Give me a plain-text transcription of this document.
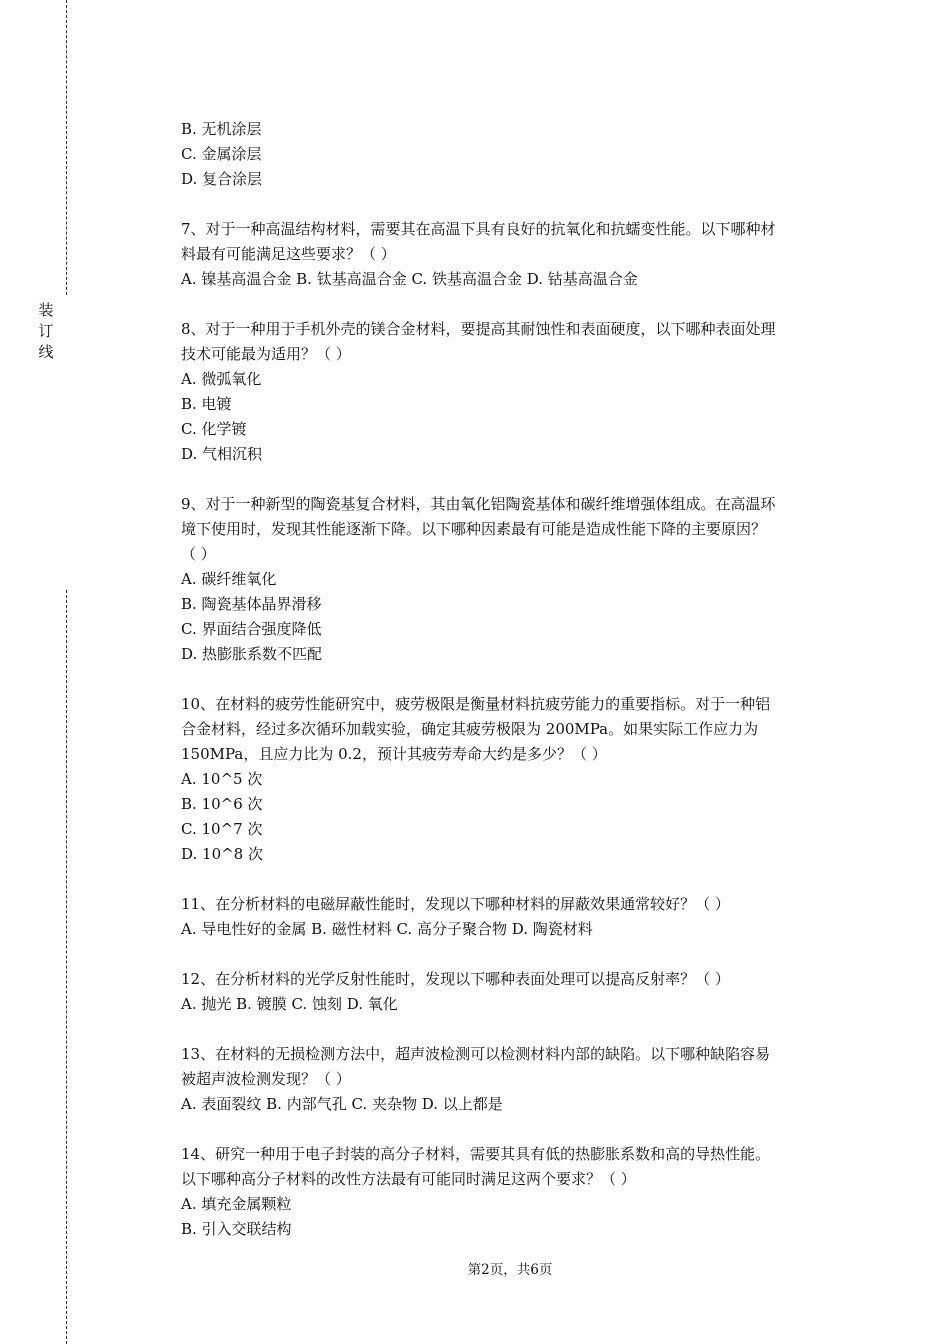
装订线
B. 无机涂层
C. 金属涂层
D. 复合涂层
7、对于一种高温结构材料，需要其在高温下具有良好的抗氧化和抗蠕变性能。以下哪种材
料最有可能满足这些要求？（ ）
A. 镍基高温合金 B. 钛基高温合金 C. 铁基高温合金 D. 钴基高温合金
8、对于一种用于手机外壳的镁合金材料，要提高其耐蚀性和表面硬度，以下哪种表面处理
技术可能最为适用？（ ）
A. 微弧氧化
B. 电镀
C. 化学镀
D. 气相沉积
9、对于一种新型的陶瓷基复合材料，其由氧化铝陶瓷基体和碳纤维增强体组成。在高温环
境下使用时，发现其性能逐渐下降。以下哪种因素最有可能是造成性能下降的主要原因？
（ ）
A. 碳纤维氧化
B. 陶瓷基体晶界滑移
C. 界面结合强度降低
D. 热膨胀系数不匹配
10、在材料的疲劳性能研究中，疲劳极限是衡量材料抗疲劳能力的重要指标。对于一种铝
合金材料，经过多次循环加载实验，确定其疲劳极限为 200MPa。如果实际工作应力为
150MPa，且应力比为 0.2，预计其疲劳寿命大约是多少？（ ）
A. 10^5 次
B. 10^6 次
C. 10^7 次
D. 10^8 次
11、在分析材料的电磁屏蔽性能时，发现以下哪种材料的屏蔽效果通常较好？（ ）
A. 导电性好的金属 B. 磁性材料 C. 高分子聚合物 D. 陶瓷材料
12、在分析材料的光学反射性能时，发现以下哪种表面处理可以提高反射率？（ ）
A. 抛光 B. 镀膜 C. 蚀刻 D. 氧化
13、在材料的无损检测方法中，超声波检测可以检测材料内部的缺陷。以下哪种缺陷容易
被超声波检测发现？（ ）
A. 表面裂纹 B. 内部气孔 C. 夹杂物 D. 以上都是
14、研究一种用于电子封装的高分子材料，需要其具有低的热膨胀系数和高的导热性能。
以下哪种高分子材料的改性方法最有可能同时满足这两个要求？（ ）
A. 填充金属颗粒
B. 引入交联结构
第2页，共6页
